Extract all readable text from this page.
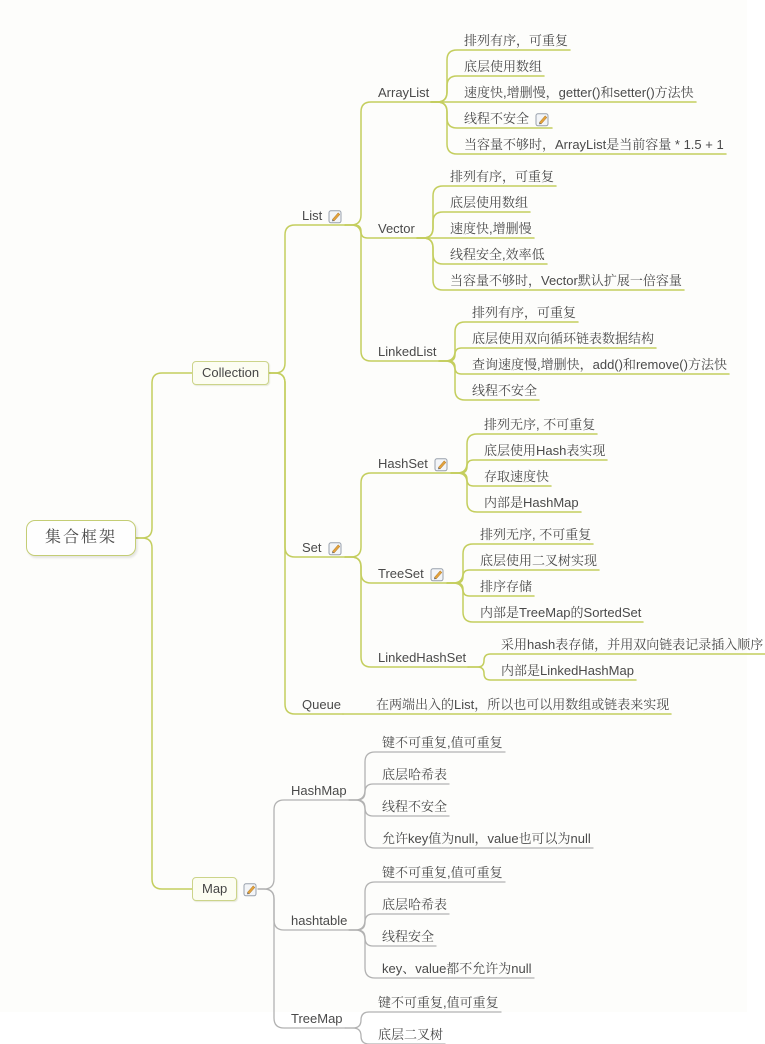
集合框架
Collection
List
ArrayList
排列有序，可重复
底层使用数组
速度快,增删慢，getter()和setter()方法快
线程不安全
当容量不够时，ArrayList是当前容量 * 1.5 + 1
Vector
排列有序，可重复
底层使用数组
速度快,增删慢
线程安全,效率低
当容量不够时，Vector默认扩展一倍容量
LinkedList
排列有序，可重复
底层使用双向循环链表数据结构
查询速度慢,增删快，add()和remove()方法快
线程不安全
Set
HashSet
排列无序, 不可重复
底层使用Hash表实现
存取速度快
内部是HashMap
TreeSet
排列无序, 不可重复
底层使用二叉树实现
排序存储
内部是TreeMap的SortedSet
LinkedHashSet
采用hash表存储，并用双向链表记录插入顺序
内部是LinkedHashMap
Queue	在两端出入的List，所以也可以用数组或链表来实现
Map
HashMap
键不可重复,值可重复
底层哈希表
线程不安全
允许key值为null，value也可以为null
hashtable
键不可重复,值可重复
底层哈希表
线程安全
key、value都不允许为null
TreeMap
键不可重复,值可重复
底层二叉树
